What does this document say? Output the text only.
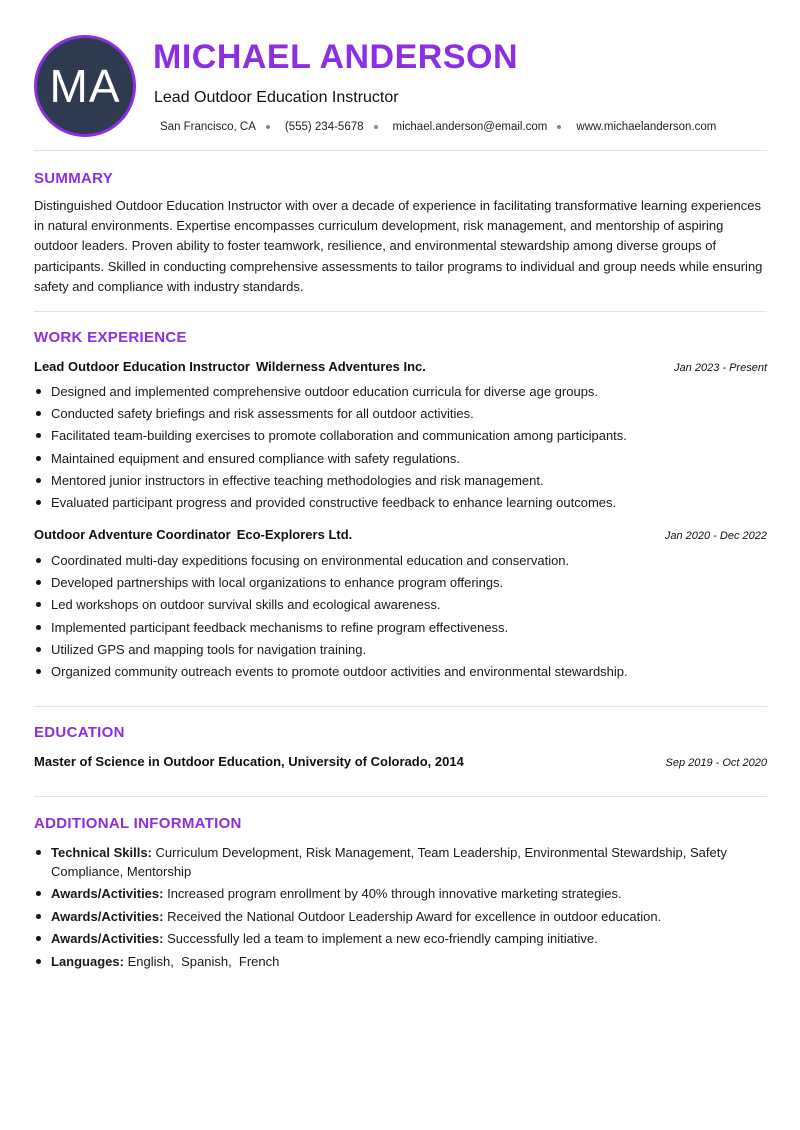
MA
MICHAEL ANDERSON
Lead Outdoor Education Instructor
San Francisco, CA	(555) 234-5678	michael.anderson@email.com	www.michaelanderson.com
SUMMARY

Distinguished Outdoor Education Instructor with over a decade of experience in facilitating transformative learning experiences in natural environments. Expertise encompasses curriculum development, risk management, and mentorship of aspiring outdoor leaders. Proven ability to foster teamwork, resilience, and environmental stewardship among diverse groups of participants. Skilled in conducting comprehensive assessments to tailor programs to individual and group needs while ensuring safety and compliance with industry standards.

WORK EXPERIENCE
Lead Outdoor Education Instructor Wilderness Adventures Inc.	Jan 2023 - Present
Designed and implemented comprehensive outdoor education curricula for diverse age groups.
Conducted safety briefings and risk assessments for all outdoor activities.
Facilitated team-building exercises to promote collaboration and communication among participants.
Maintained equipment and ensured compliance with safety regulations.
Mentored junior instructors in effective teaching methodologies and risk management.
Evaluated participant progress and provided constructive feedback to enhance learning outcomes.
Outdoor Adventure Coordinator Eco-Explorers Ltd.	Jan 2020 - Dec 2022
Coordinated multi-day expeditions focusing on environmental education and conservation.
Developed partnerships with local organizations to enhance program offerings.
Led workshops on outdoor survival skills and ecological awareness.
Implemented participant feedback mechanisms to refine program effectiveness.
Utilized GPS and mapping tools for navigation training.
Organized community outreach events to promote outdoor activities and environmental stewardship.
EDUCATION
Master of Science in Outdoor Education, University of Colorado, 2014	Sep 2019 - Oct 2020
ADDITIONAL INFORMATION
Technical Skills: Curriculum Development, Risk Management, Team Leadership, Environmental Stewardship, Safety Compliance, Mentorship
Awards/Activities: Increased program enrollment by 40% through innovative marketing strategies.
Awards/Activities: Received the National Outdoor Leadership Award for excellence in outdoor education.
Awards/Activities: Successfully led a team to implement a new eco-friendly camping initiative.
Languages: English , Spanish , French
